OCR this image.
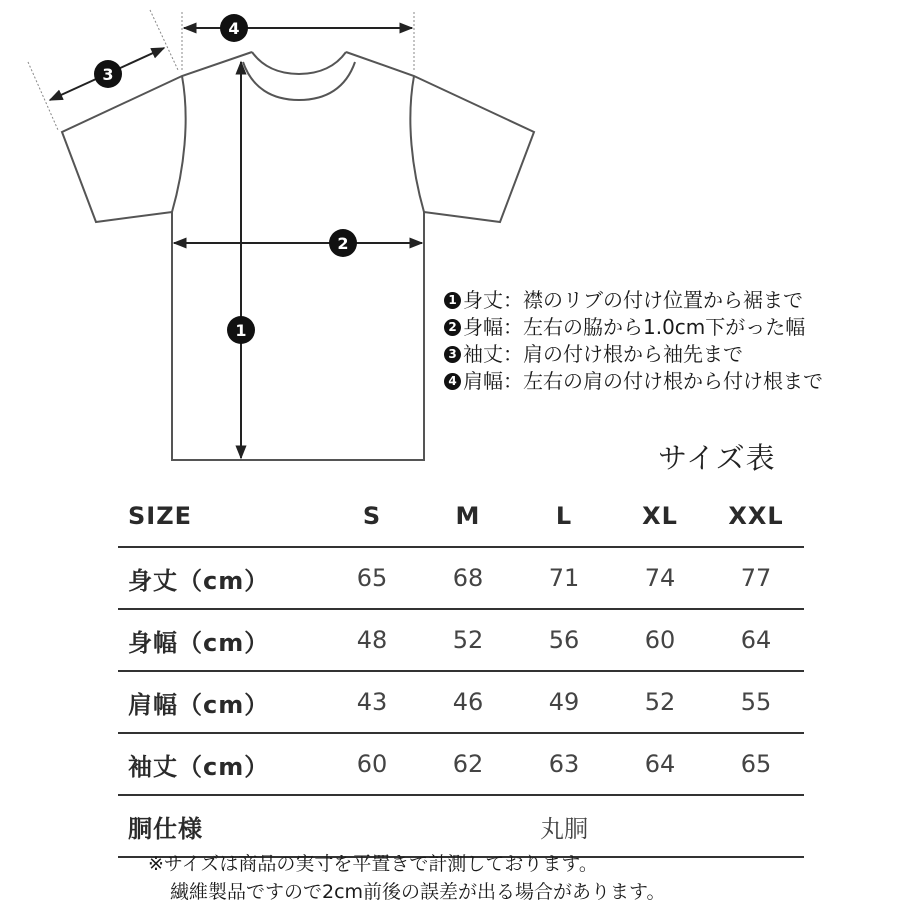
4
3
2
1
1 身丈：襟のリブの付け位置から裾まで
2 身幅：左右の脇から1.0cm下がった幅
3 袖丈：肩の付け根から袖先まで
4 肩幅：左右の肩の付け根から付け根まで
サイズ表
SIZE	S	M	L	XL	XXL
身丈（cm）	65	68	71	74	77
身幅（cm）	48	52	56	60	64
肩幅（cm）	43	46	49	52	55
袖丈（cm）	60	62	63	64	65
胴仕様	丸胴				
※サイズは商品の実寸を平置きで計測しております。
繊維製品ですので2cm前後の誤差が出る場合があります。
